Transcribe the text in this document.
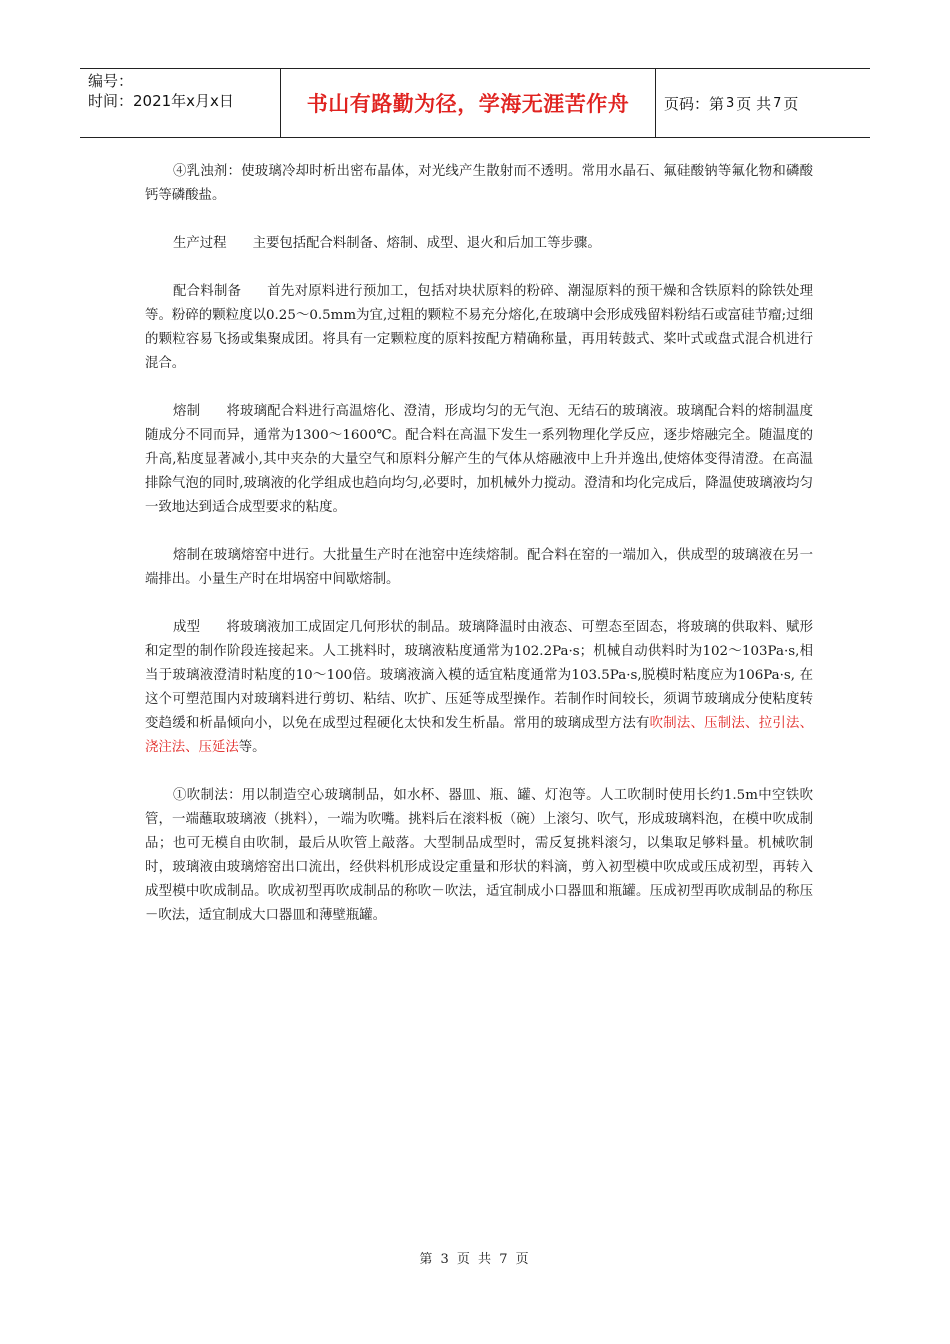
编号：
时间：2021年x月x日	书山有路勤为径，学海无涯苦作舟 页码：第 3 页 共 7 页

④乳浊剂：使玻璃冷却时析出密布晶体，对光线产生散射而不透明。常用水晶石、氟硅酸钠等氟化物和磷酸钙等磷酸盐。

生产过程 主要包括配合料制备、熔制、成型、退火和后加工等步骤。

配合料制备 首先对原料进行预加工，包括对块状原料的粉碎、潮湿原料的预干燥和含铁原料的除铁处理等。粉碎的颗粒度以0.25～0.5mm为宜,过粗的颗粒不易充分熔化,在玻璃中会形成残留料粉结石或富硅节瘤;过细的颗粒容易飞扬或集聚成团。将具有一定颗粒度的原料按配方精确称量，再用转鼓式、桨叶式或盘式混合机进行混合。

熔制 将玻璃配合料进行高温熔化、澄清，形成均匀的无气泡、无结石的玻璃液。玻璃配合料的熔制温度随成分不同而异，通常为1300～1600℃。配合料在高温下发生一系列物理化学反应，逐步熔融完全。随温度的升高,粘度显著减小,其中夹杂的大量空气和原料分解产生的气体从熔融液中上升并逸出,使熔体变得清澄。在高温排除气泡的同时,玻璃液的化学组成也趋向均匀,必要时，加机械外力搅动。澄清和均化完成后，降温使玻璃液均匀一致地达到适合成型要求的粘度。

熔制在玻璃熔窑中进行。大批量生产时在池窑中连续熔制。配合料在窑的一端加入，供成型的玻璃液在另一端排出。小量生产时在坩埚窑中间歇熔制。

成型 将玻璃液加工成固定几何形状的制品。玻璃降温时由液态、可塑态至固态，将玻璃的供取料、赋形和定型的制作阶段连接起来。人工挑料时，玻璃液粘度通常为102.2Pa·s；机械自动供料时为102～103Pa·s,相当于玻璃液澄清时粘度的10～100倍。玻璃液滴入模的适宜粘度通常为103.5Pa·s,脱模时粘度应为106Pa·s, 在这个可塑范围内对玻璃料进行剪切、粘结、吹扩、压延等成型操作。若制作时间较长，须调节玻璃成分使粘度转变趋缓和析晶倾向小，以免在成型过程硬化太快和发生析晶。常用的玻璃成型方法有吹制法、压制法、拉引法、浇注法、压延法等。

①吹制法：用以制造空心玻璃制品，如水杯、器皿、瓶、罐、灯泡等。人工吹制时使用长约1.5m中空铁吹管，一端蘸取玻璃液（挑料），一端为吹嘴。挑料后在滚料板（碗）上滚匀、吹气，形成玻璃料泡，在模中吹成制品；也可无模自由吹制，最后从吹管上敲落。大型制品成型时，需反复挑料滚匀，以集取足够料量。机械吹制时，玻璃液由玻璃熔窑出口流出，经供料机形成设定重量和形状的料滴，剪入初型模中吹成或压成初型，再转入成型模中吹成制品。吹成初型再吹成制品的称吹－吹法，适宜制成小口器皿和瓶罐。压成初型再吹成制品的称压－吹法，适宜制成大口器皿和薄壁瓶罐。

第 3 页 共 7 页
